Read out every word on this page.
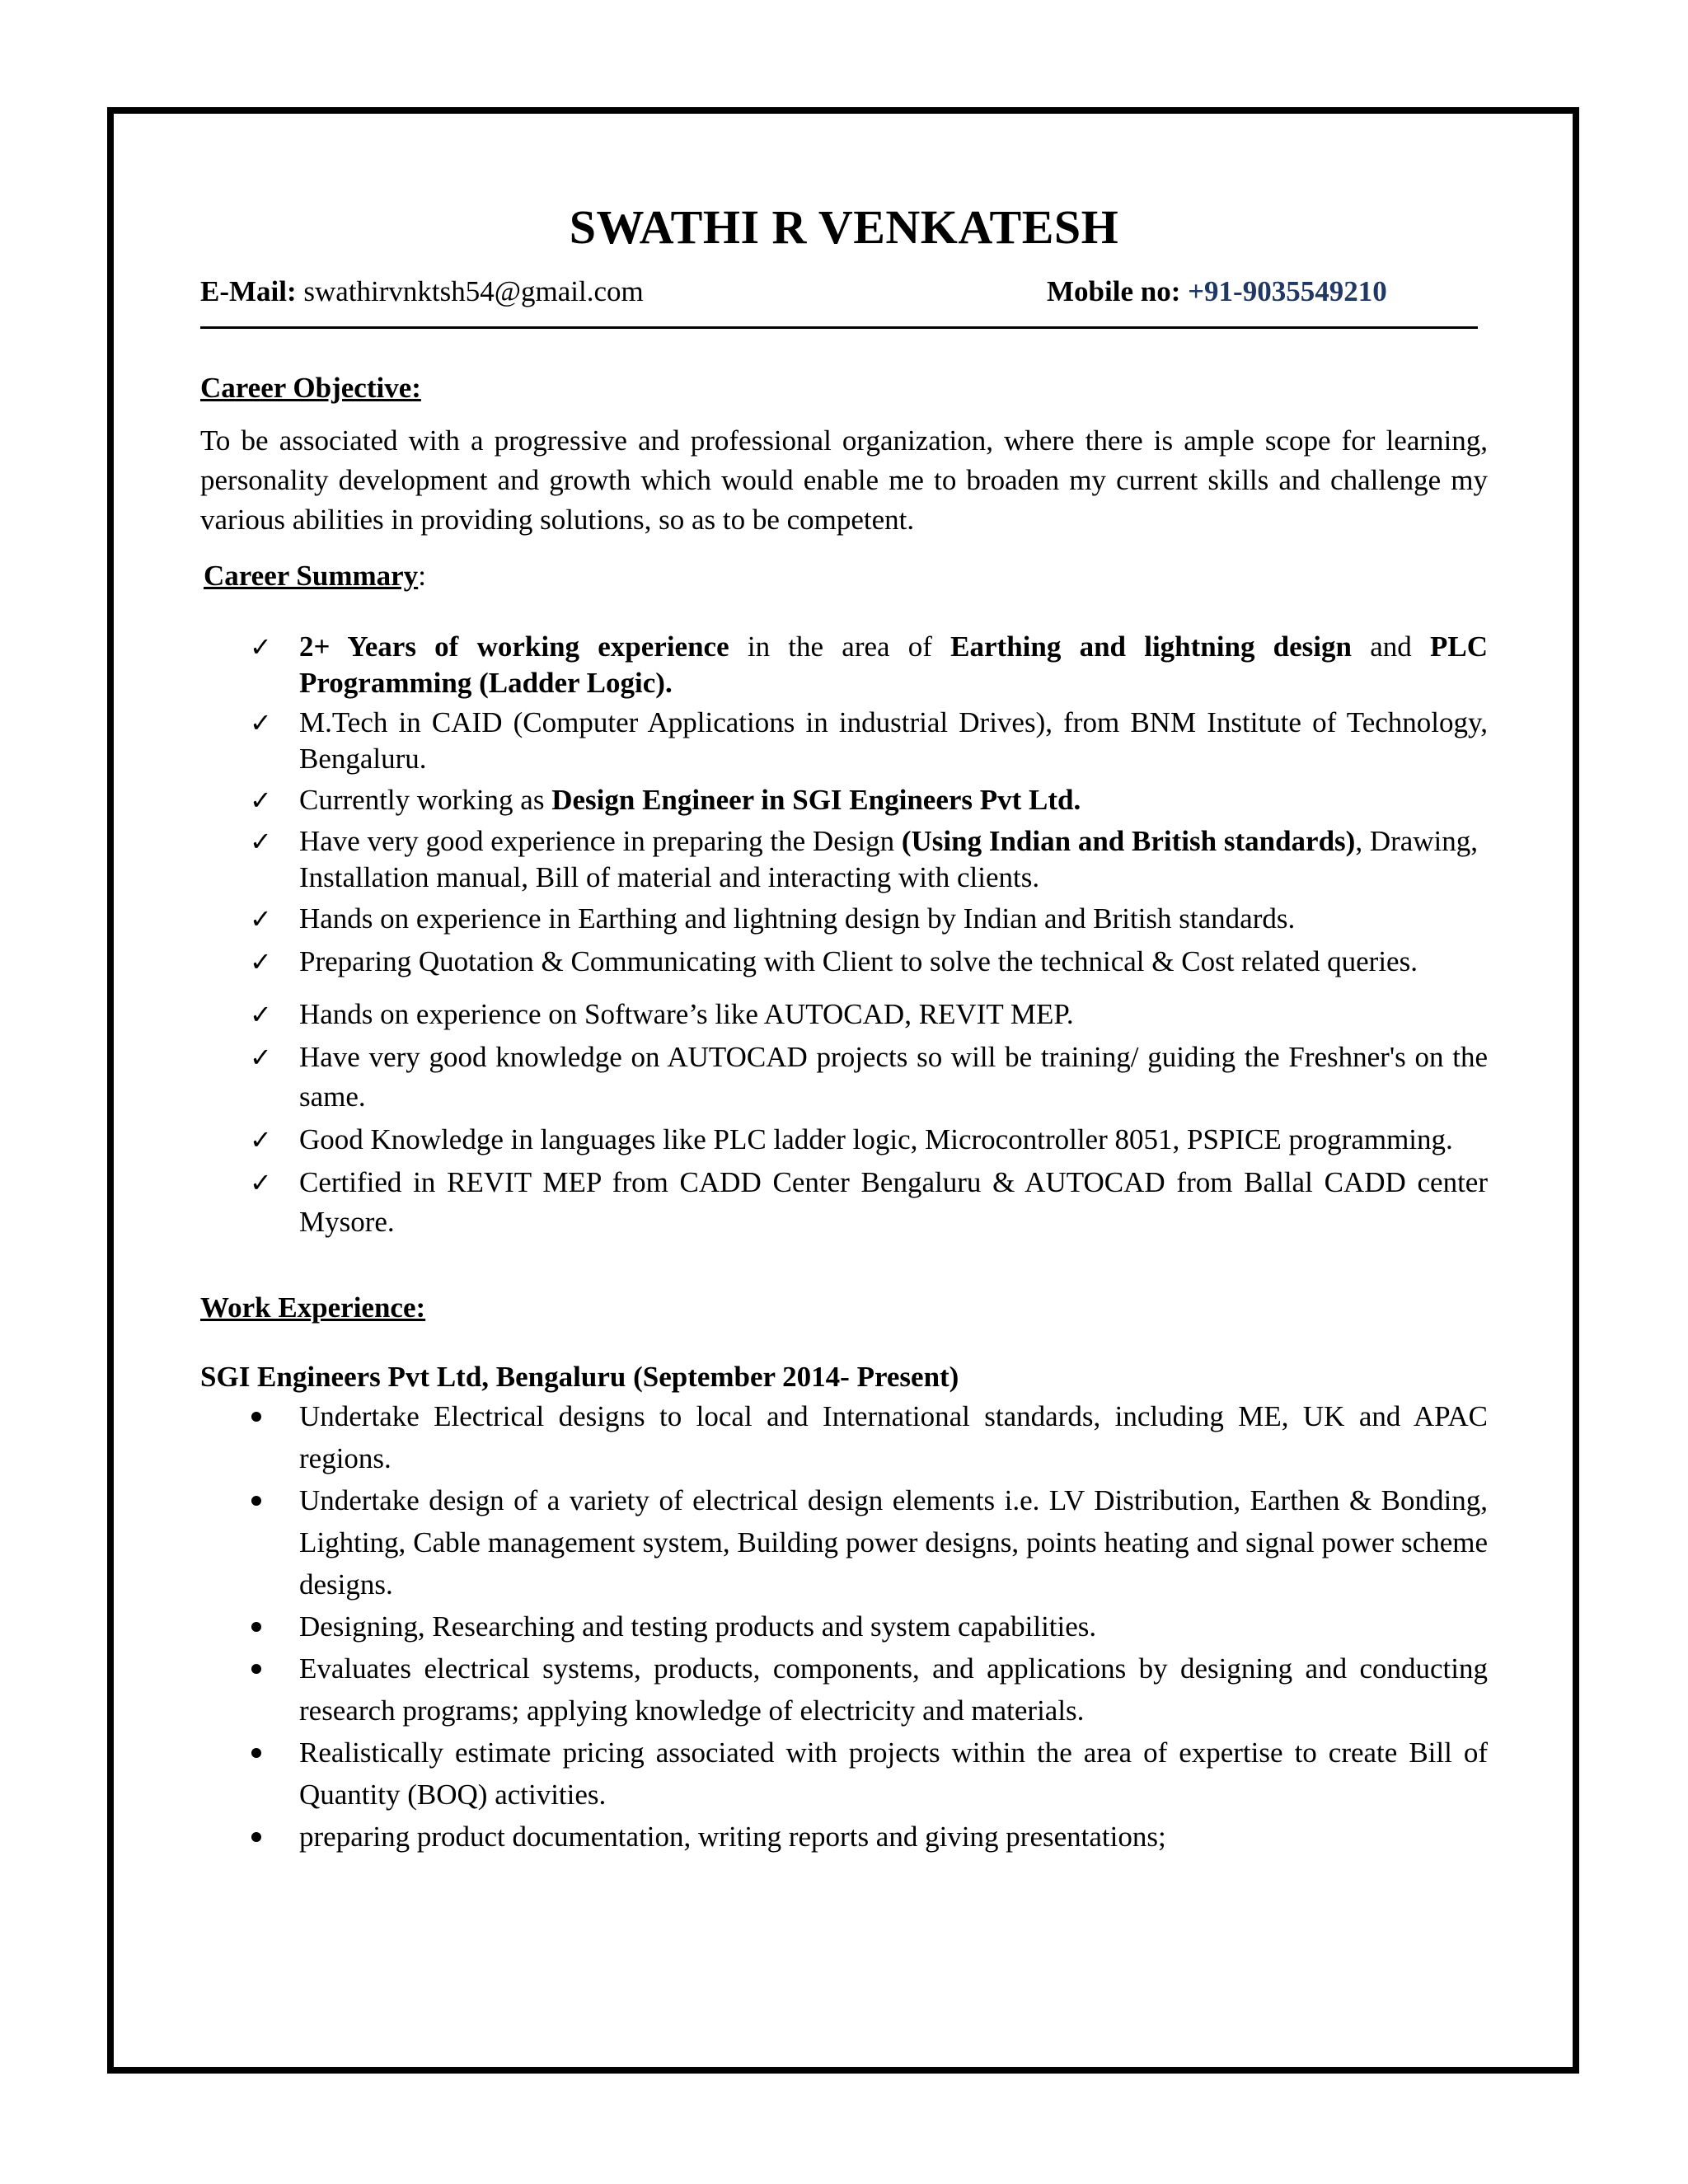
SWATHI R VENKATESH
E-Mail: swathirvnktsh54@gmail.com	Mobile no: +91-9035549210

Career Objective:

To be associated with a progressive and professional organization, where there is ample scope for learning, personality development and growth which would enable me to broaden my current skills and challenge my various abilities in providing solutions, so as to be competent.
Career Summary:
✓ 2+ Years of working experience in the area of Earthing and lightning design and PLC Programming (Ladder Logic).
✓ M.Tech in CAID (Computer Applications in industrial Drives), from BNM Institute of Technology, Bengaluru.
✓ Currently working as Design Engineer in SGI Engineers Pvt Ltd.
✓ Have very good experience in preparing the Design (Using Indian and British standards), Drawing, Installation manual, Bill of material and interacting with clients.
✓ Hands on experience in Earthing and lightning design by Indian and British standards.
✓ Preparing Quotation & Communicating with Client to solve the technical & Cost related queries.
✓ Hands on experience on Software’s like AUTOCAD, REVIT MEP.
✓ Have very good knowledge on AUTOCAD projects so will be training/ guiding the Freshner's on the same.
✓ Good Knowledge in languages like PLC ladder logic, Microcontroller 8051, PSPICE programming.
✓ Certified in REVIT MEP from CADD Center Bengaluru & AUTOCAD from Ballal CADD center Mysore.

Work Experience:

SGI Engineers Pvt Ltd, Bengaluru (September 2014- Present)
Undertake Electrical designs to local and International standards, including ME, UK and APAC regions.
Undertake design of a variety of electrical design elements i.e. LV Distribution, Earthen & Bonding, Lighting, Cable management system, Building power designs, points heating and signal power scheme designs.
Designing, Researching and testing products and system capabilities.
Evaluates electrical systems, products, components, and applications by designing and conducting research programs; applying knowledge of electricity and materials.
Realistically estimate pricing associated with projects within the area of expertise to create Bill of Quantity (BOQ) activities.
preparing product documentation, writing reports and giving presentations;
